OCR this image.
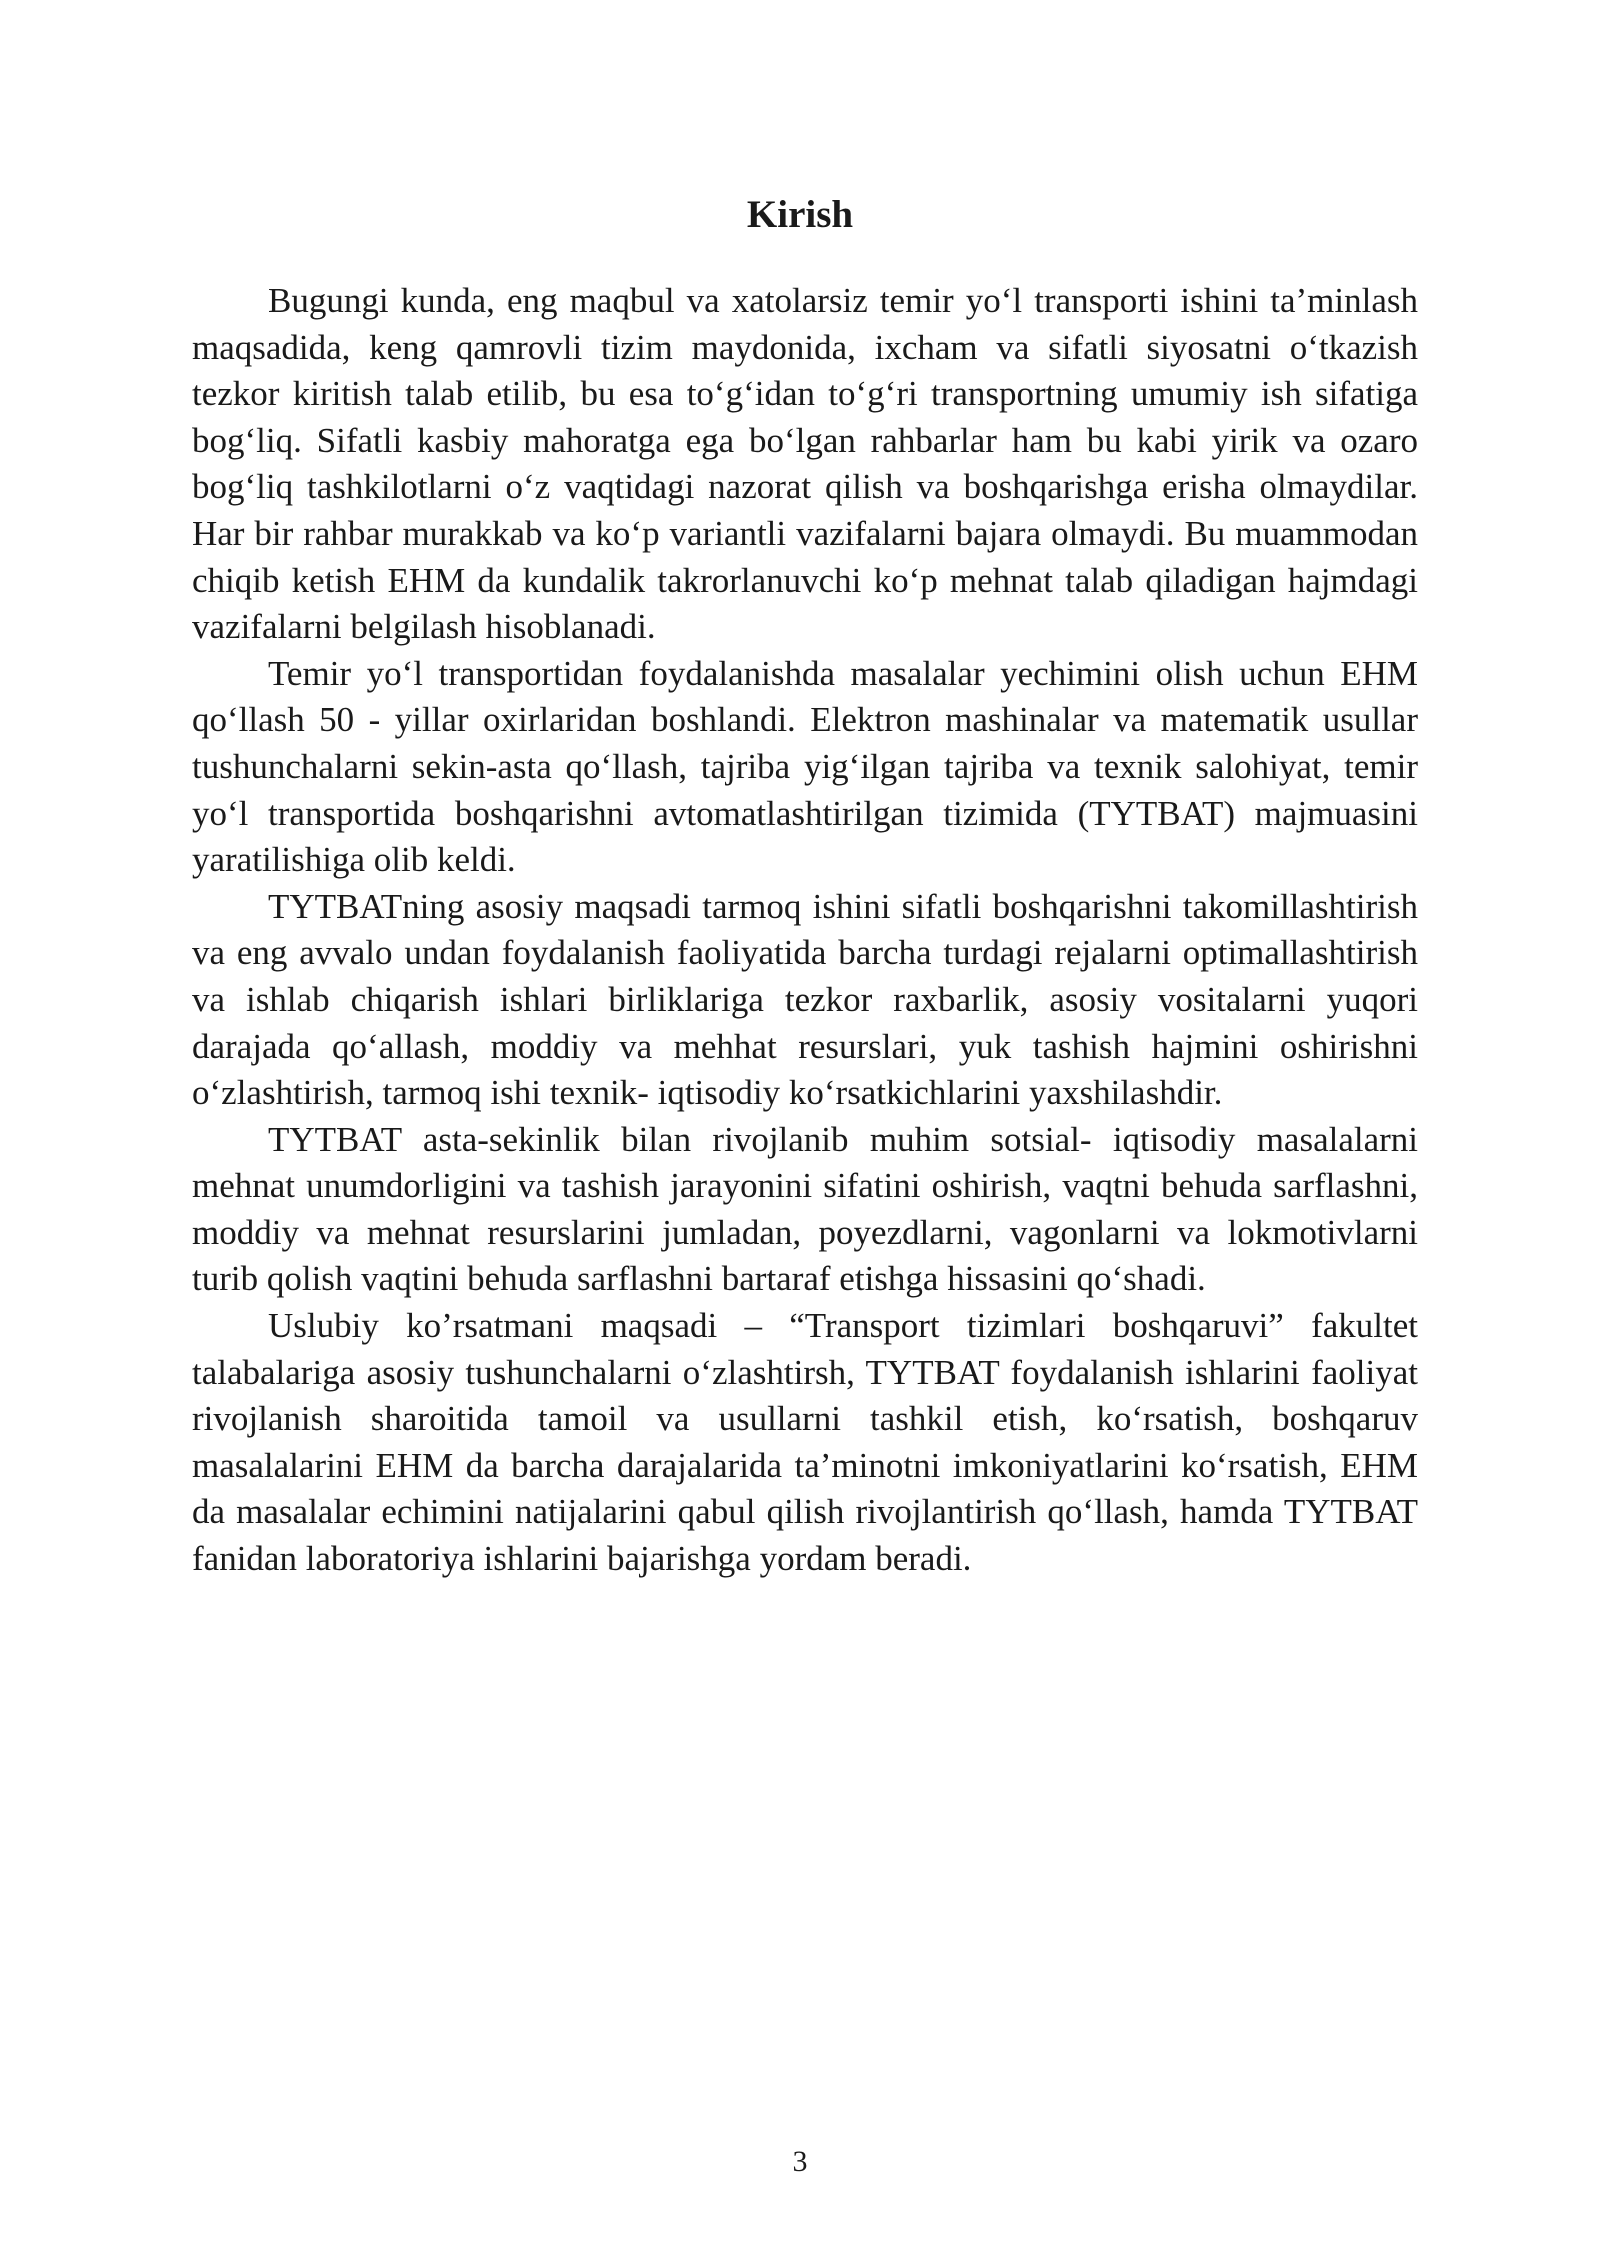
Kirish

Bugungi kunda, eng maqbul va xatolarsiz temir yo‘l transporti ishini ta’minlash maqsadida, keng qamrovli tizim maydonida, ixcham va sifatli siyosatni o‘tkazish tezkor kiritish talab etilib, bu esa to‘g‘idan to‘g‘ri transportning umumiy ish sifatiga bog‘liq. Sifatli kasbiy mahoratga ega bo‘lgan rahbarlar ham bu kabi yirik va ozaro bog‘liq tashkilotlarni o‘z vaqtidagi nazorat qilish va boshqarishga erisha olmaydilar. Har bir rahbar murakkab va ko‘p variantli vazifalarni bajara olmaydi. Bu muammodan chiqib ketish EHM da kundalik takrorlanuvchi ko‘p mehnat talab qiladigan hajmdagi vazifalarni belgilash hisoblanadi.

Temir yo‘l transportidan foydalanishda masalalar yechimini olish uchun EHM qo‘llash 50 - yillar oxirlaridan boshlandi. Elektron mashinalar va matematik usullar tushunchalarni sekin-asta qo‘llash, tajriba yig‘ilgan tajriba va texnik salohiyat, temir yo‘l transportida boshqarishni avtomatlashtirilgan tizimida (TYTBAT) majmuasini yaratilishiga olib keldi.

TYTBATning asosiy maqsadi tarmoq ishini sifatli boshqarishni takomillashtirish va eng avvalo undan foydalanish faoliyatida barcha turdagi rejalarni optimallashtirish va ishlab chiqarish ishlari birliklariga tezkor raxbarlik, asosiy vositalarni yuqori darajada qo‘allash, moddiy va mehhat resurslari, yuk tashish hajmini oshirishni o‘zlashtirish, tarmoq ishi texnik- iqtisodiy ko‘rsatkichlarini yaxshilashdir.

TYTBAT asta-sekinlik bilan rivojlanib muhim sotsial- iqtisodiy masalalarni mehnat unumdorligini va tashish jarayonini sifatini oshirish, vaqtni behuda sarflashni, moddiy va mehnat resurslarini jumladan, poyezdlarni, vagonlarni va lokmotivlarni turib qolish vaqtini behuda sarflashni bartaraf etishga hissasini qo‘shadi.

Uslubiy ko’rsatmani maqsadi – “Transport tizimlari boshqaruvi” fakultet talabalariga asosiy tushunchalarni o‘zlashtirsh, TYTBAT foydalanish ishlarini faoliyat rivojlanish sharoitida tamoil va usullarni tashkil etish, ko‘rsatish, boshqaruv masalalarini EHM da barcha darajalarida ta’minotni imkoniyatlarini ko‘rsatish, EHM da masalalar echimini natijalarini qabul qilish rivojlantirish qo‘llash, hamda TYTBAT fanidan laboratoriya ishlarini bajarishga yordam beradi.

3
